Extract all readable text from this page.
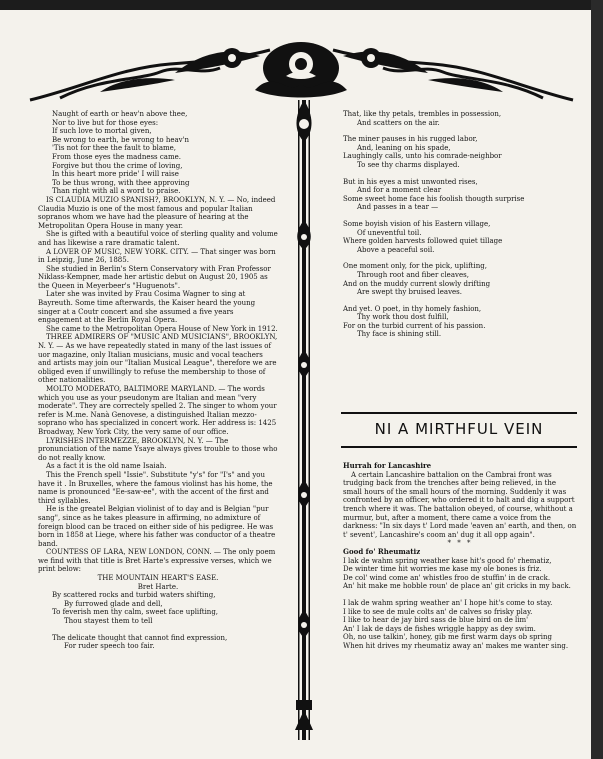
Naught of earth or heav'n above thee,

Nor to live but for those eyes:

If such love to mortal given,

Be wrong to earth, be wrong to heav'n

'Tis not for thee the fault to blame,

From those eyes the madness came.

Forgive but thou the crime of loving,

In this heart more pride' I will raise

To be thus wrong, with thee approving

Than right with all a word to praise.

IS CLAUDIA MUZIO SPANISH?, BROOKLYN, N. Y. — No, indeed Claudia Muzio is one of the most famous and popular Italian sopranos whom we have had the pleasure of hearing at the Metropolitan Opera House in many year.

She is gifted with a beautiful voice of sterling quality and volume and has likewise a rare dramatic talent.

A LOVER OF MUSIC, NEW YORK. CITY. — That singer was born in Leipzig, June 26, 1885.

She studied in Berlin's Stern Conservatory with Fran Professor Niklass-Kempner, made her artistic debut on August 20, 1905 as the Queen in Meyerbeer's "Huguenots".

Later she was invited by Frau Cosima Wagner to sing at Bayreuth. Some time afterwards, the Kaiser heard the young singer at a Coutr concert and she assumed a five years engagement at the Berlin Royal Opera.

She came to the Metropolitan Opera House of New York in 1912.

THREE ADMIRERS OF "MUSIC AND MUSICIANS", BROOKLYN, N. Y. — As we have repeatedly stated in many of the last issues of uor magazine, only Italian musicians, music and vocal teachers and artists may join our "Italian Musical League", therefore we are obliged even if unwillingly to refuse the membership to those of other nationalities.

MOLTO MODERATO, BALTIMORE MARYLAND. — The words which you use as your pseudonym are Italian and mean "very moderate". They are correctely spelled 2. The singer to whom your refer is M.me. Nanà Genovese, a distinguished Italian mezzo-soprano who has specialized in concert work. Her address is: 1425 Broadway, New York City, the very same of our office.

LYRISHES INTERMEZZE, BROOKLYN, N. Y. — The pronunciation of the name Ysaye always gives trouble to those who do not really know.

As a fact it is the old name Isaiah.

This the French spell "Issie". Substitute "y's" for "I's" and you have it . In Bruxelles, where the famous violinst has his home, the name is pronounced "Ee-saw-ee", with the accent of the first and third syllables.

He is the greatel Belgian violinist of to day and is Belgian "pur sang", since as he takes pleasure in affirming, no admixture of foreign blood can be traced on either side of his pedigree. He was born in 1858 at Liege, where his father was conductor of a theatre band.

COUNTESS OF LARA, NEW LONDON, CONN. — The only poem we find with that title is Bret Harte's expressive verses, which we print below:

THE MOUNTAIN HEART'S EASE.

Bret Harte.

By scattered rocks and turbid waters shifting,

By furrowed glade and dell,

To feverish men thy calm, sweet face uplifting,

Thou stayest them to tell

The delicate thought that cannot find expression,

For ruder speech too fair.

That, like thy petals, trembles in possession,

And scatters on the air.

The miner pauses in his rugged labor,

And, leaning on his spade,

Laughingly calls, unto his comrade-neighbor

To see thy charms displayed.

But in his eyes a mist unwonted rises,

And for a moment clear

Some sweet home face his foolish thougth surprise

And passes in a tear —

Some boyish vision of his Eastern village,

Of uneventful toil.

Where golden harvests followed quiet tillage

Above a peaceful soil.

One moment only, for the pick, uplifting,

Through root and fiber cleaves,

And on the muddy current slowly drifting

Are swept thy bruised leaves.

And yet. O poet, in thy homely fashion,

Thy work thou dost fulfill,

For on the turbid current of his passion.

Thy face is shining still.

NI A MIRTHFUL VEIN

Hurrah for Lancashire

A certain Lancashire battalion on the Cambrai front was trudging back from the trenches after being relieved, in the small hours of the small hours of the morning. Suddenly it was confronted by an officer, who ordered it to halt and dig a support trench where it was. The battalion obeyed, of course, whithout a murmur, but, after a moment, there came a voice from the darkness: "In six days t' Lord made 'eaven an' earth, and then, on t' sevent', Lancashire's coom an' dug it all opp again".

* * *

Good fo' Rheumatiz

I lak de wahm spring weather kase hit's good fo' rhematiz,

De winter time hit worries me kase my ole bones is friz.

De col' wind come an' whistles froo de stuffin' in de crack.

An' hit make me hobble roun' de place an' git cricks in my back.

I lak de wahm spring weather an' I hope hit's come to stay.

I like to see de mule colts an' de calves so frisky play.

I like to hear de jay bird sass de blue bird on de lim'

An' I lak de days de fishes wriggle happy as dey swim.

Oh, no use talkin', honey, gib me first warm days ob spring

When hit drives my rheumatiz away an' makes me wanter sing.
